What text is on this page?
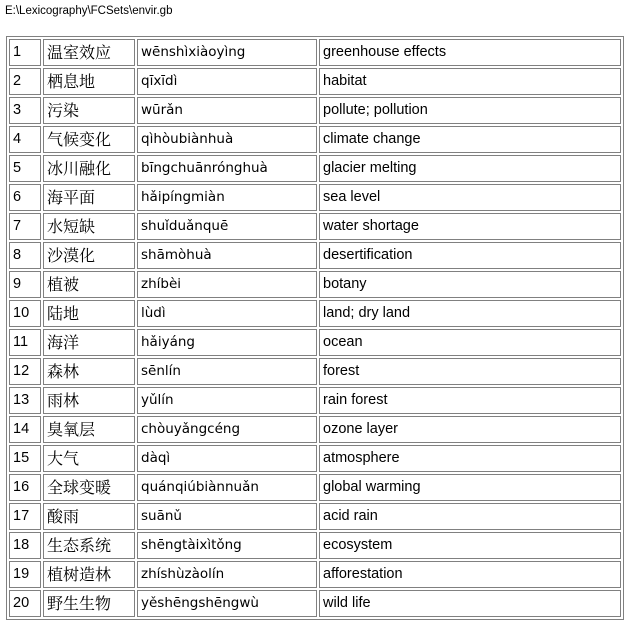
E:\Lexicography\FCSets\envir.gb
1	温室效应	wēnshìxiàoyìng	greenhouse effects
2	栖息地	qīxīdì	habitat
3	污染	wūrǎn	pollute; pollution
4	气候变化	qìhòubiànhuà	climate change
5	冰川融化	bīngchuānrónghuà	glacier melting
6	海平面	hǎipíngmiàn	sea level
7	水短缺	shuǐduǎnquē	water shortage
8	沙漠化	shāmòhuà	desertification
9	植被	zhíbèi	botany
10	陆地	lùdì	land; dry land
11	海洋	hǎiyáng	ocean
12	森林	sēnlín	forest
13	雨林	yǔlín	rain forest
14	臭氧层	chòuyǎngcéng	ozone layer
15	大气	dàqì	atmosphere
16	全球变暖	quánqiúbiànnuǎn	global warming
17	酸雨	suānǔ	acid rain
18	生态系统	shēngtàixìtǒng	ecosystem
19	植树造林	zhíshùzàolín	afforestation
20	野生生物	yěshēngshēngwù	wild life
